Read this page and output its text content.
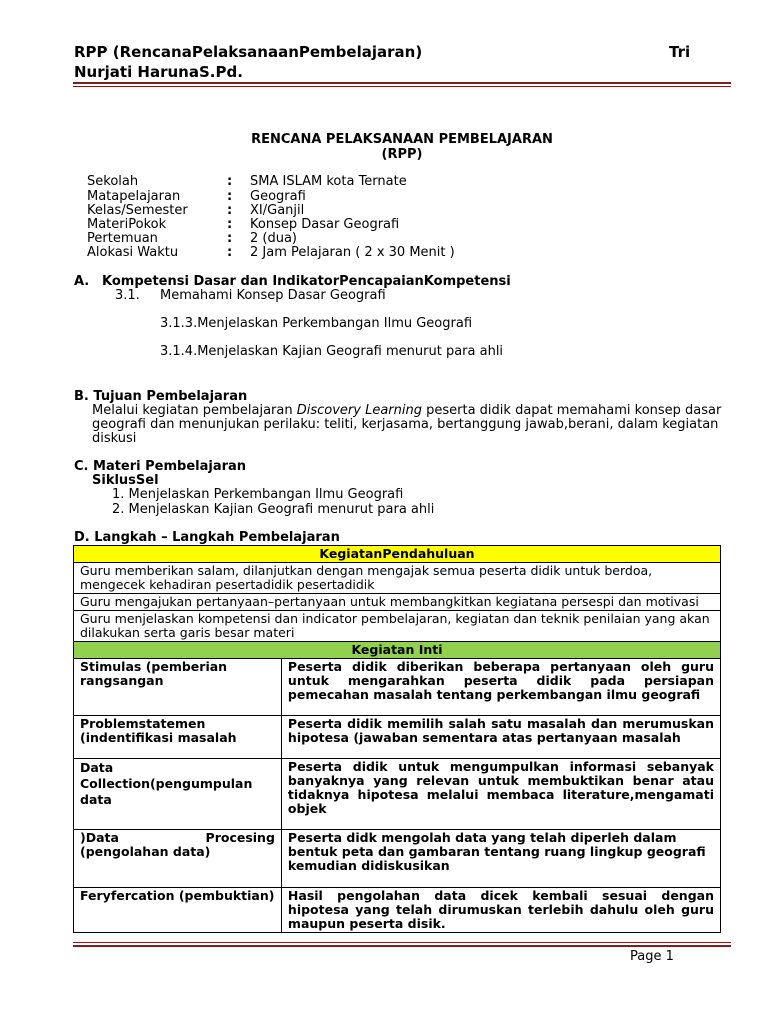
RPP (RencanaPelaksanaanPembelajaran)	Tri
Nurjati HarunaS.Pd.
RENCANA PELAKSANAAN PEMBELAJARAN
(RPP)
Sekolah	: SMA ISLAM kota Ternate
Matapelajaran	: Geografi
Kelas/Semester	: XI/Ganjil
MateriPokok	: Konsep Dasar Geografi
Pertemuan	: 2 (dua)
Alokasi Waktu	: 2 Jam Pelajaran ( 2 x 30 Menit )
A. Kompetensi Dasar dan IndikatorPencapaianKompetensi
3.1. Memahami Konsep Dasar Geografi
3.1.3.Menjelaskan Perkembangan Ilmu Geografi
3.1.4.Menjelaskan Kajian Geografi menurut para ahli
B. Tujuan Pembelajaran
Melalui kegiatan pembelajaran Discovery Learning peserta didik dapat memahami konsep dasar
geografi dan menunjukan perilaku: teliti, kerjasama, bertanggung jawab,berani, dalam kegiatan
diskusi
C. Materi Pembelajaran
SiklusSel
1. Menjelaskan Perkembangan Ilmu Geografi
2. Menjelaskan Kajian Geografi menurut para ahli
D. Langkah – Langkah Pembelajaran
KegiatanPendahuluan	
Guru memberikan salam, dilanjutkan dengan mengajak semua peserta didik untuk berdoa, mengecek kehadiran pesertadidik pesertadidik	
Guru mengajukan pertanyaan–pertanyaan untuk membangkitkan kegiatana persespi dan motivasi	
Guru menjelaskan kompetensi dan indicator pembelajaran, kegiatan dan teknik penilaian yang akan dilakukan serta garis besar materi	
Kegiatan Inti	
Stimulas (pemberian rangsangan	Peserta didik diberikan beberapa pertanyaan oleh guru untuk mengarahkan peserta didik pada persiapan pemecahan masalah tentang perkembangan ilmu geografi
Problemstatemen (indentifikasi masalah	Peserta didik memilih salah satu masalah dan merumuskan hipotesa (jawaban sementara atas pertanyaan masalah
Data Collection(pengumpulan data	Peserta didik untuk mengumpulkan informasi sebanyak banyaknya yang relevan untuk membuktikan benar atau tidaknya hipotesa melalui membaca literature,mengamati objek
)Data Procesing (pengolahan data)	Peserta didk mengolah data yang telah diperleh dalam bentuk peta dan gambaran tentang ruang lingkup geografi kemudian didiskusikan
Feryfercation (pembuktian)	Hasil pengolahan data dicek kembali sesuai dengan hipotesa yang telah dirumuskan terlebih dahulu oleh guru maupun peserta disik.
Page 1
